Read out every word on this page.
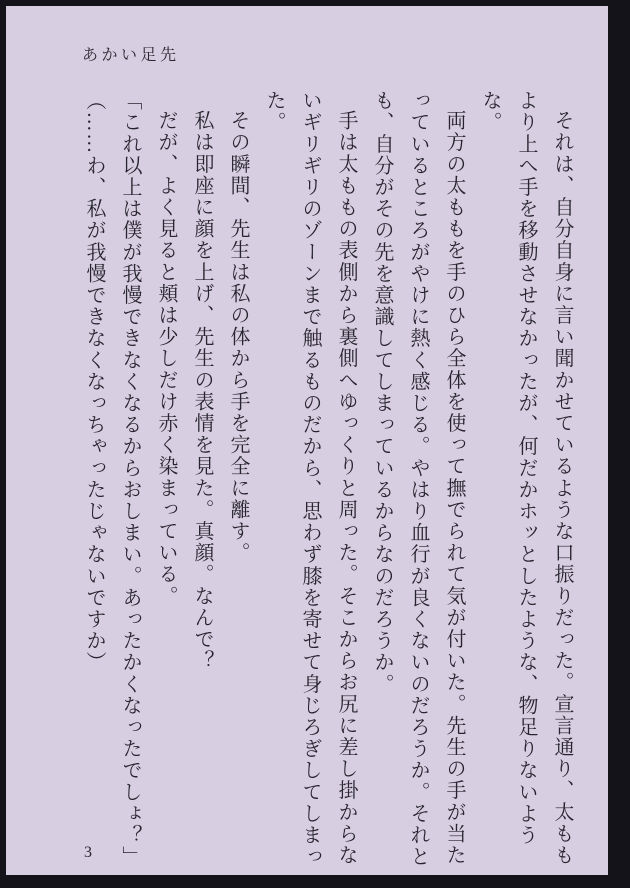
あかい足先

それは、自分自身に言い聞かせているような口振りだった。宣言通り、太ももより上へ手を移動させなかったが、何だかホッとしたような、物足りないような。

両方の太ももを手のひら全体を使って撫でられて気が付いた。先生の手が当たっているところがやけに熱く感じる。やはり血行が良くないのだろうか。それとも、自分がその先を意識してしまっているからなのだろうか。

手は太ももの表側から裏側へゆっくりと周った。そこからお尻に差し掛からないギリギリのゾーンまで触るものだから、思わず膝を寄せて身じろぎしてしまった。

その瞬間、先生は私の体から手を完全に離す。

私は即座に顔を上げ、先生の表情を見た。真顔。なんで？

だが、よく見ると頬は少しだけ赤く染まっている。

「これ以上は僕が我慢できなくなるからおしまい。あったかくなったでしょ？」

（……わ、私が我慢できなくなっちゃったじゃないですか）

3
